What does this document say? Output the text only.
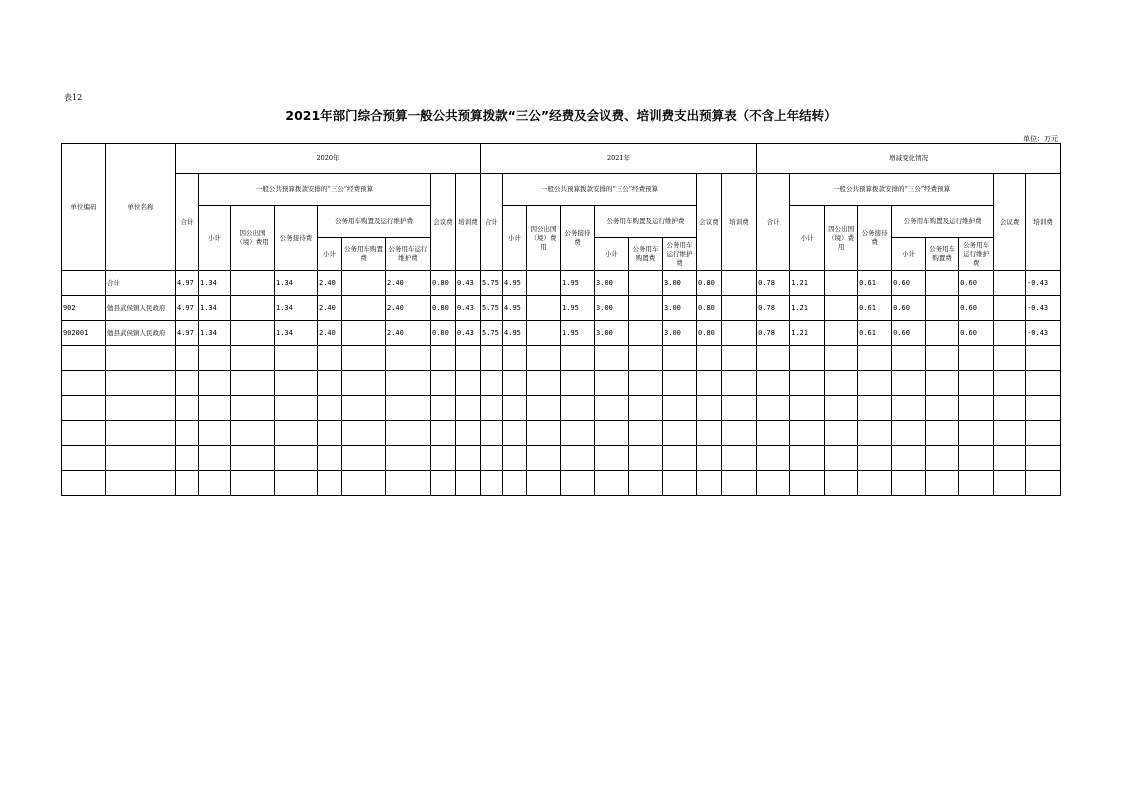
表12
2021年部门综合预算一般公共预算拨款“三公”经费及会议费、培训费支出预算表（不含上年结转）
单位：万元
单位编码	单位名称	2020年									2021年									增减变化情况								
		合计	一般公共预算拨款安排的“三公”经费预算						会议费	培训费	合计	一般公共预算拨款安排的“三公”经费预算						会议费	培训费	合计	一般公共预算拨款安排的“三公”经费预算						会议费	培训费
			小计	因公出国（境）费用	公务接待费	公务用车购置及运行维护费						小计	因公出国（境）费用	公务接待费	公务用车购置及运行维护费						小计	因公出国（境）费用	公务接待费	公务用车购置及运行维护费				
						小计	公务用车购置费	公务用车运行维护费							小计	公务用车购置费	公务用车运行维护费							小计	公务用车购置费	公务用车运行维护费		
	合计	4.97	1.34		1.34	2.40		2.40	0.80	0.43	5.75	4.95		1.95	3.00		3.00	0.80		0.78	1.21		0.61	0.60		0.60		-0.43
902	勉县武侯镇人民政府	4.97	1.34		1.34	2.40		2.40	0.80	0.43	5.75	4.95		1.95	3.00		3.00	0.80		0.78	1.21		0.61	0.60		0.60		-0.43
902001	勉县武侯镇人民政府	4.97	1.34		1.34	2.40		2.40	0.80	0.43	5.75	4.95		1.95	3.00		3.00	0.80		0.78	1.21		0.61	0.60		0.60		-0.43
